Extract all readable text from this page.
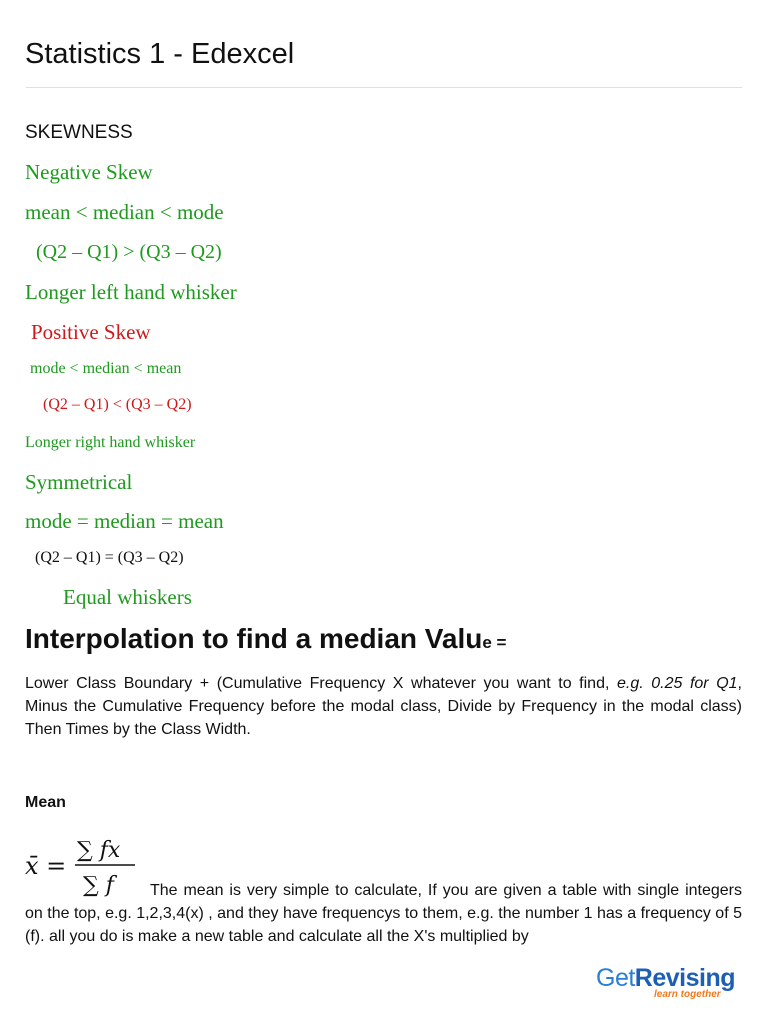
Statistics 1 - Edexcel
SKEWNESS
Negative Skew
mean < median < mode
(Q2 – Q1) > (Q3 – Q2)
Longer left hand whisker
Positive Skew
mode < median < mean
(Q2 – Q1) < (Q3 – Q2)
Longer right hand whisker
Symmetrical
mode = median = mean
(Q2 – Q1) = (Q3 – Q2)
Equal whiskers
Interpolation to find a median Value =
Lower Class Boundary + (Cumulative Frequency X whatever you want to find, e.g. 0.25 for Q1, Minus the Cumulative Frequency before the modal class, Divide by Frequency in the modal class) Then Times by the Class Width.
Mean
x̄ =
∑ fx
∑ f	The mean is very simple to calculate, If you are given a table with single integers on the top, e.g. 1,2,3,4(x) , and they have frequencys to them, e.g. the number 1 has a frequency of 5 (f). all you do is make a new table and calculate all the X's multiplied by
GetRevising
learn together
